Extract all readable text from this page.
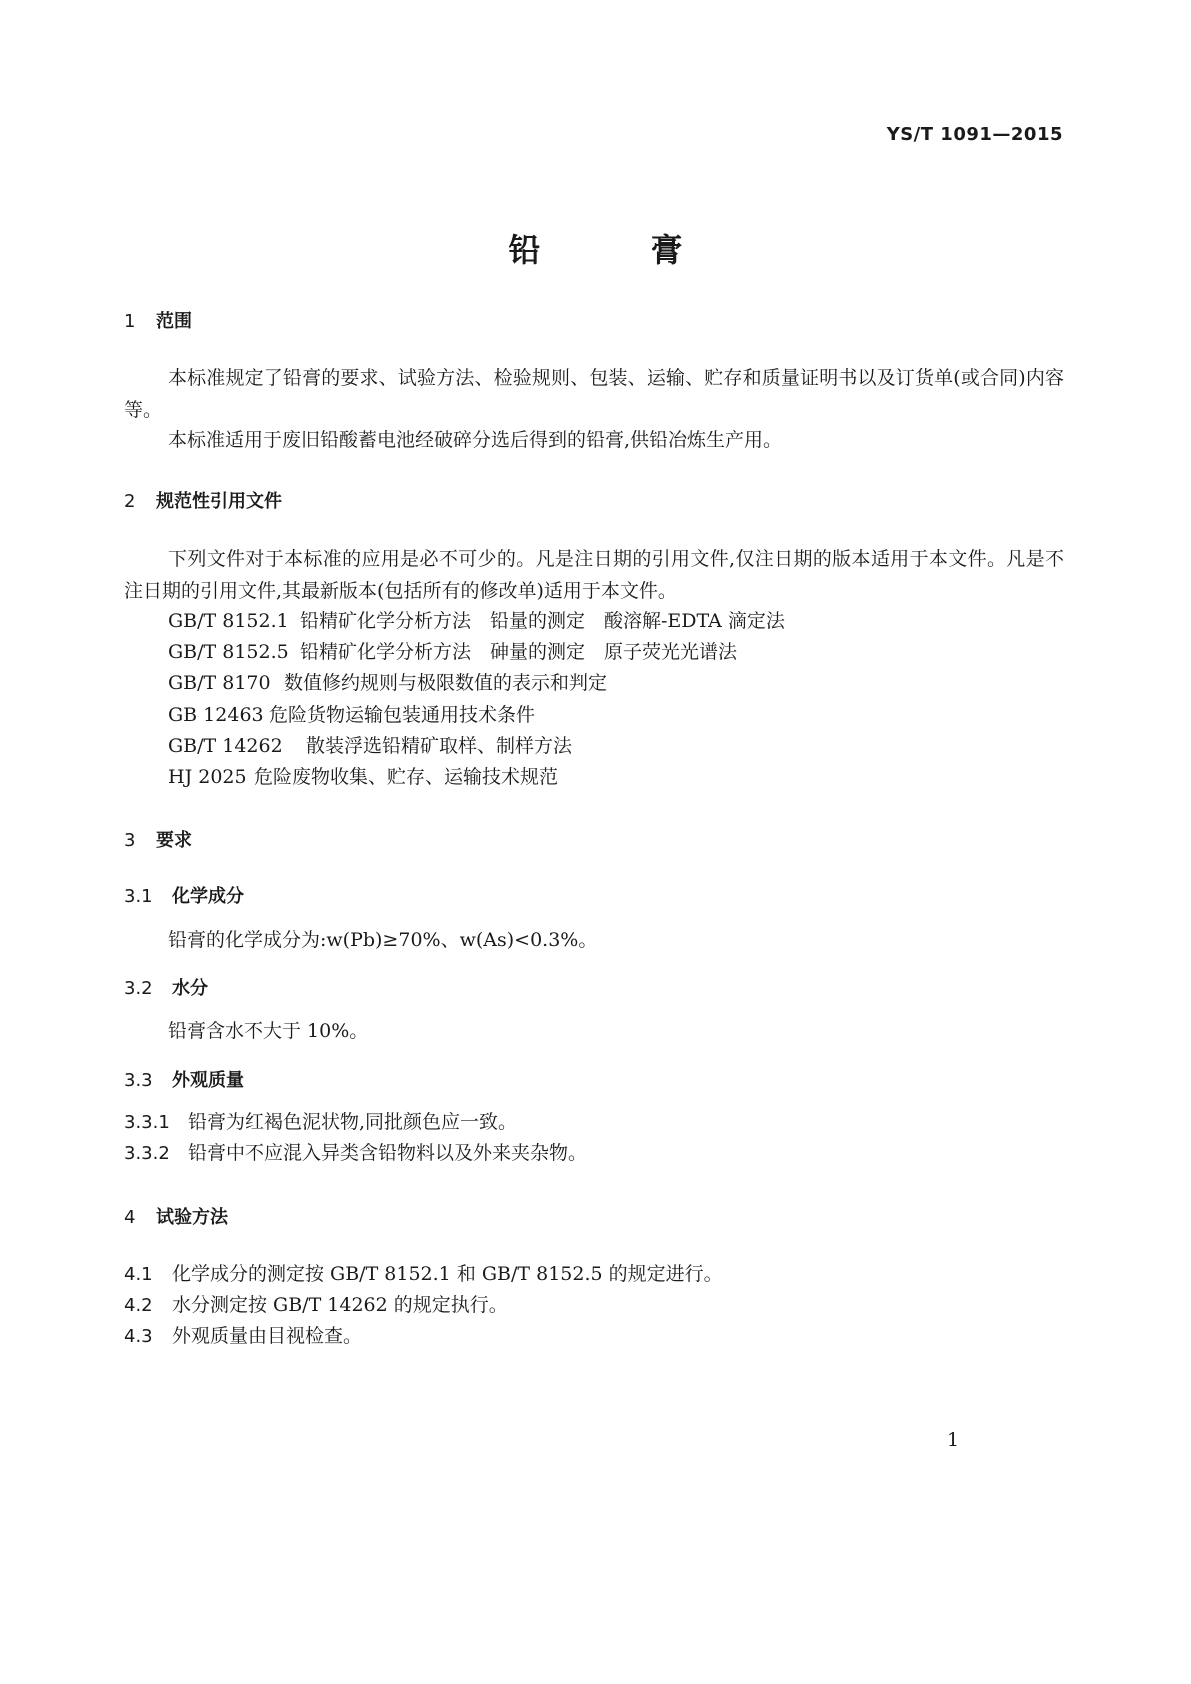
YS/T 1091—2015
铅	膏
1 范围
本标准规定了铅膏的要求、试验方法、检验规则、包装、运输、贮存和质量证明书以及订货单(或合同)内容等。
本标准适用于废旧铅酸蓄电池经破碎分选后得到的铅膏,供铅冶炼生产用。
2 规范性引用文件
下列文件对于本标准的应用是必不可少的。凡是注日期的引用文件,仅注日期的版本适用于本文件。凡是不注日期的引用文件,其最新版本(包括所有的修改单)适用于本文件。
GB/T 8152.1 铅精矿化学分析方法　铅量的测定　酸溶解-EDTA 滴定法
GB/T 8152.5 铅精矿化学分析方法　砷量的测定　原子荧光光谱法
GB/T 8170 数值修约规则与极限数值的表示和判定
GB 12463 危险货物运输包装通用技术条件
GB/T 14262 散装浮选铅精矿取样、制样方法
HJ 2025 危险废物收集、贮存、运输技术规范
3 要求
3.1 化学成分
铅膏的化学成分为:w(Pb)≥70%、w(As)<0.3%。
3.2 水分
铅膏含水不大于 10%。
3.3 外观质量
3.3.1 铅膏为红褐色泥状物,同批颜色应一致。
3.3.2 铅膏中不应混入异类含铅物料以及外来夹杂物。
4 试验方法
4.1 化学成分的测定按 GB/T 8152.1 和 GB/T 8152.5 的规定进行。
4.2 水分测定按 GB/T 14262 的规定执行。
4.3 外观质量由目视检查。
1
